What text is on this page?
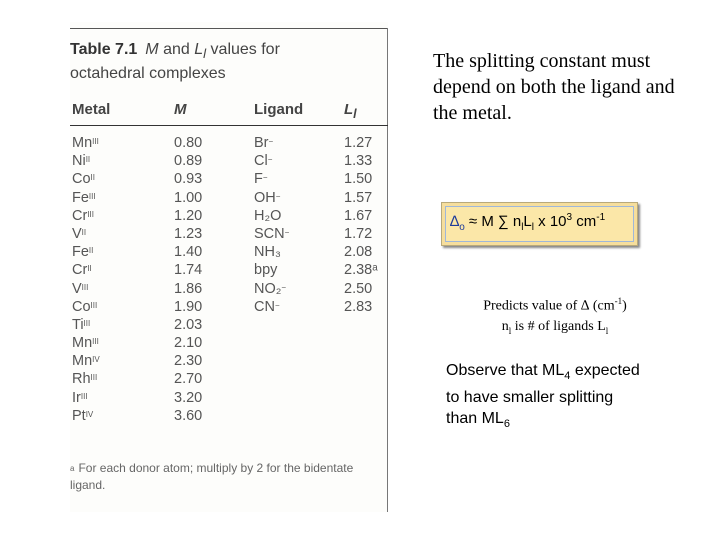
Table 7.1 M and $L_l$ values for
octahedral complexes
Metal	M	Ligand	$L_l$
$Mn^{III}$	0.80	Br−	1.27
$Ni^{II}$	0.89	Cl−	1.33
$Co^{II}$	0.93	F−	1.50
$Fe^{III}$	1.00	OH−	1.57
$Cr^{III}$	1.20	H₂O	1.67
$V^{II}$	1.23	SCN−	1.72
$Fe^{II}$	1.40	NH₃	2.08
$Cr^{II}$	1.74	bpy	2.38ᵃ
$V^{III}$	1.86	NO₂−	2.50
$Co^{III}$	1.90	CN−	2.83
$Ti^{III}$	2.03
$Mn^{III}$	2.10
$Mn^{IV}$	2.30
$Rh^{III}$	2.70
$Ir^{III}$	3.20
$Pt^{IV}$	3.60
$^a$ For each donor atom; multiply by 2 for the bidentate ligand.
The splitting constant must depend on both the ligand and the metal.
$\Delta_o \approx M$ ∑ $n_lL_l$ x $10^3$ $cm^{-1}$
Predicts value of ∆ $(cm^{-1})$
$n_l$ is # of ligands $L_l$
Observe that $ML_4$ expected to have smaller splitting than $ML_6$
